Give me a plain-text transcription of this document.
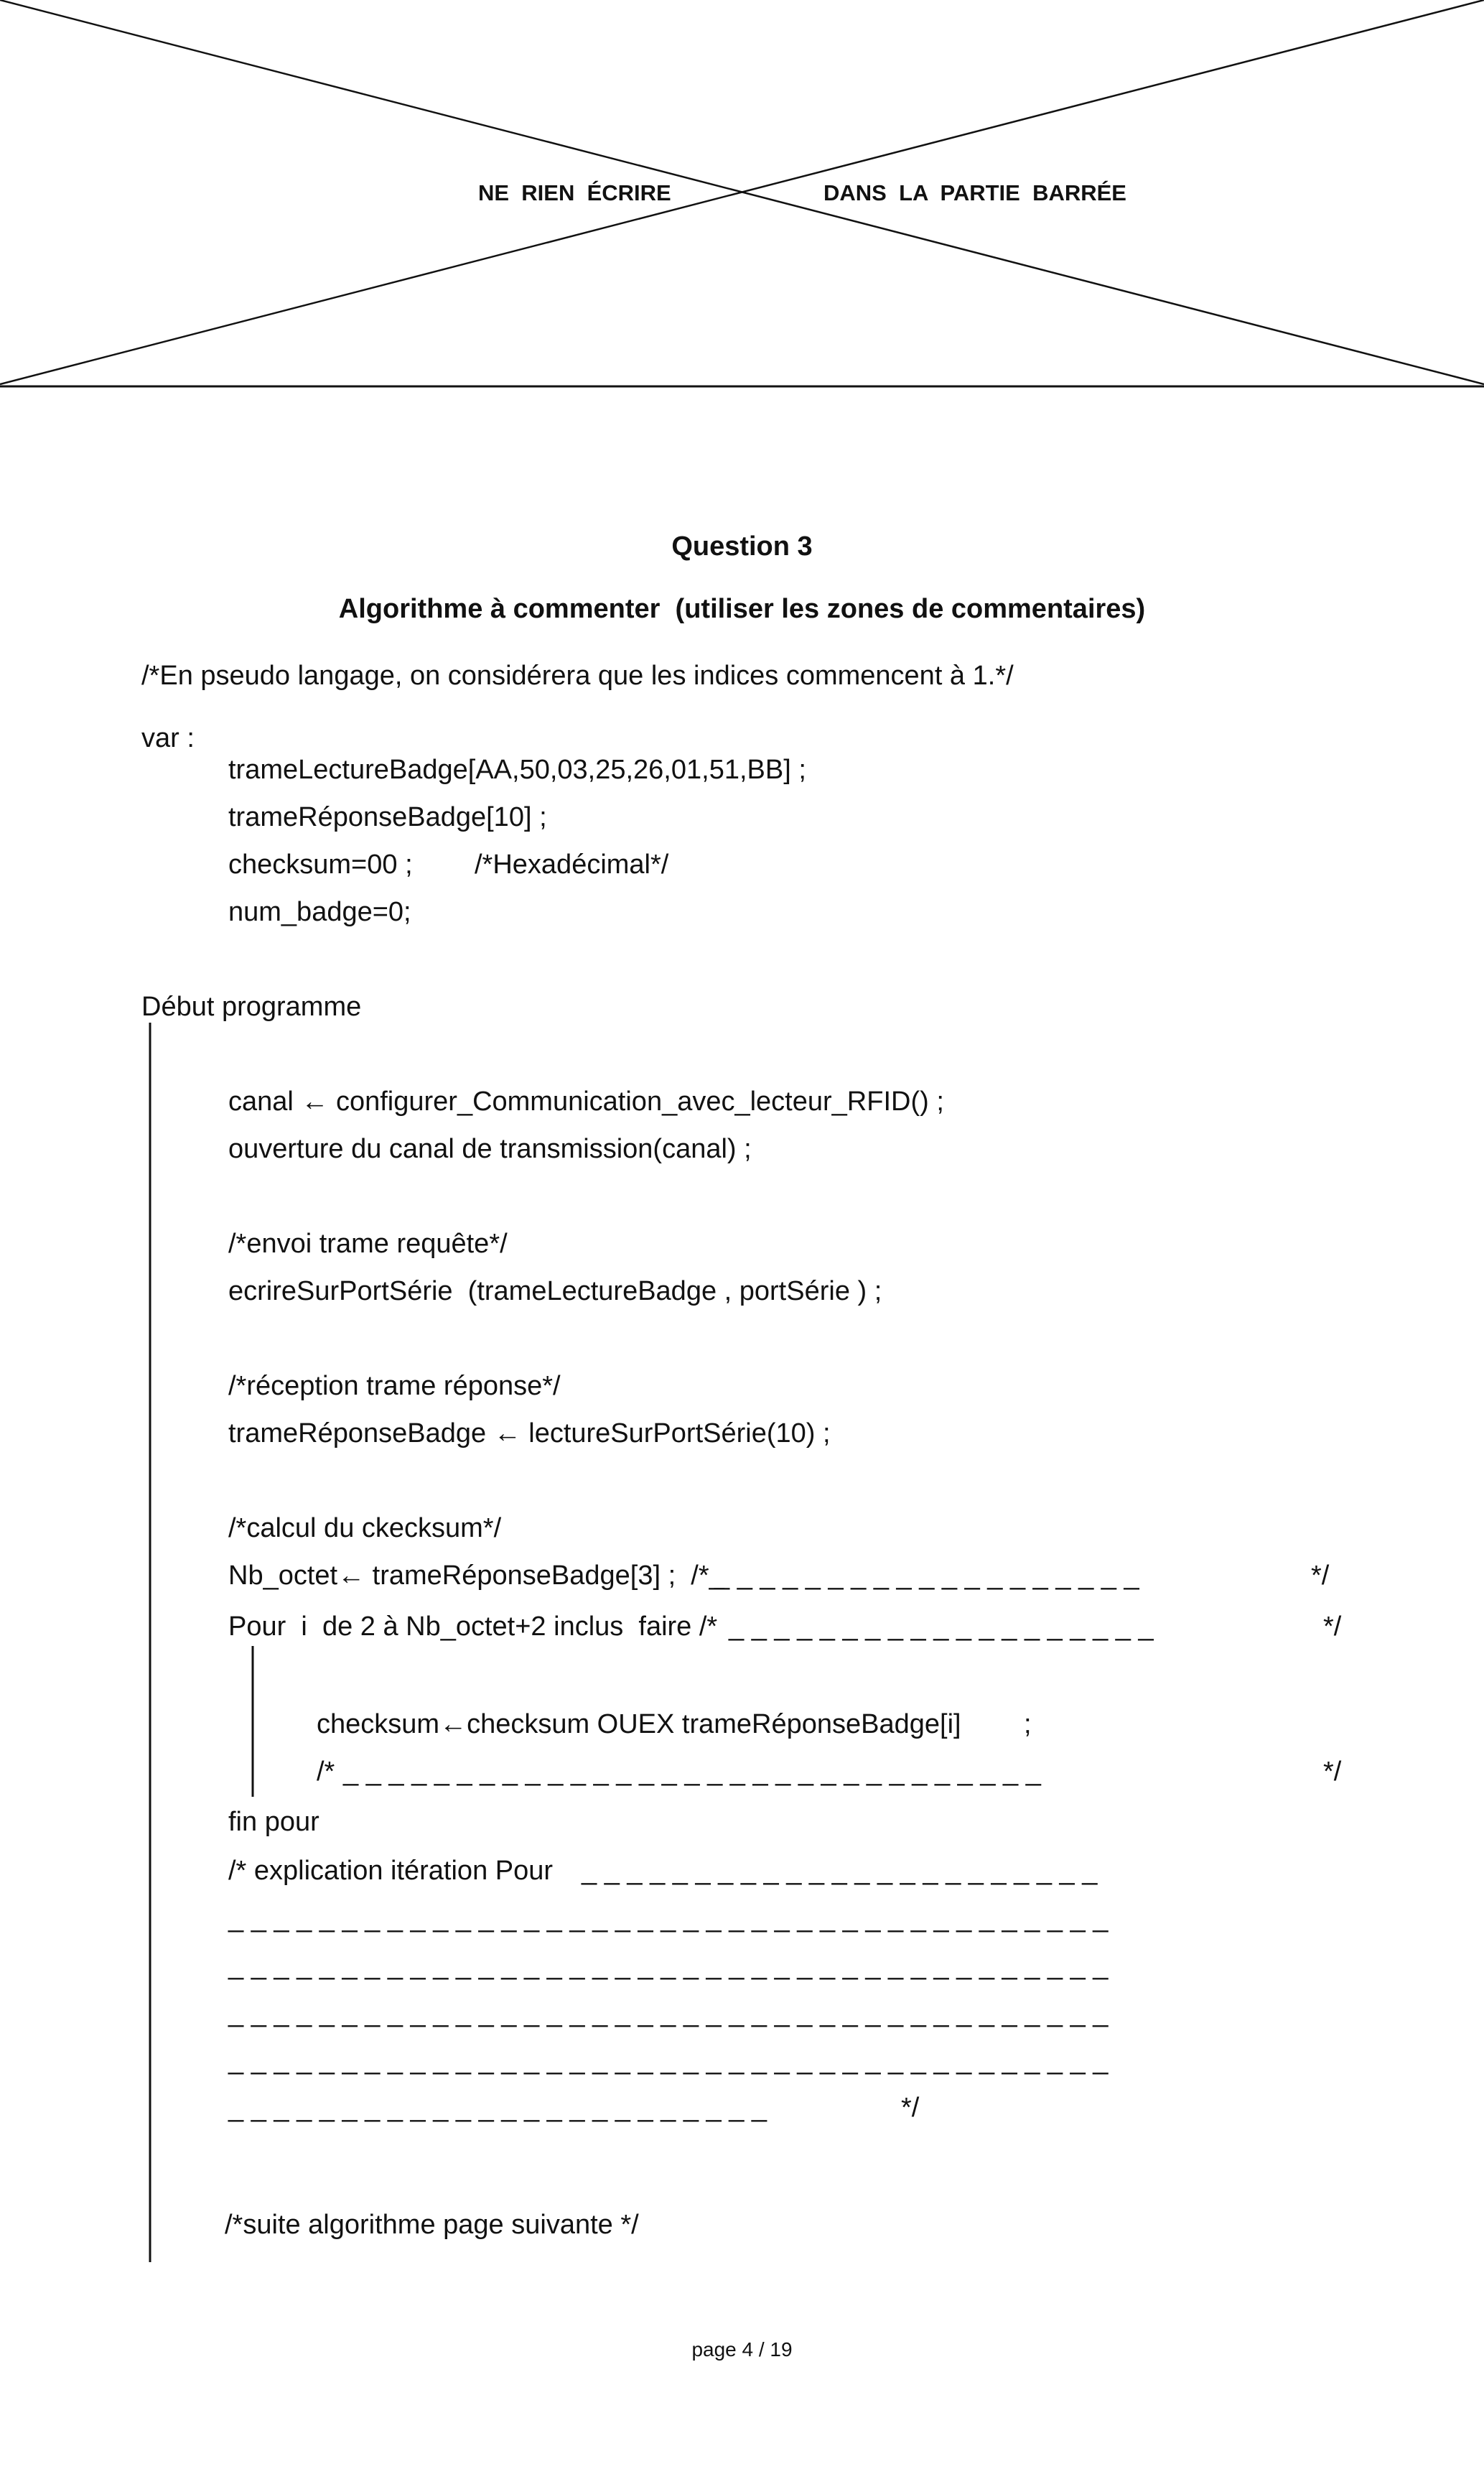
NE  RIEN  ÉCRIRE	DANS  LA  PARTIE  BARRÉE
Question 3
Algorithme à commenter  (utiliser les zones de commentaires)
/*En pseudo langage, on considérera que les indices commencent à 1.*/
var :
trameLectureBadge[AA,50,03,25,26,01,51,BB] ;
trameRéponseBadge[10] ;
checksum=00 ; /*Hexadécimal*/
num_badge=0;
Début programme
canal ← configurer_Communication_avec_lecteur_RFID() ;
ouverture du canal de transmission(canal) ;
/*envoi trame requête*/
ecrireSurPortSérie  (trameLectureBadge , portSérie ) ;
/*réception trame réponse*/
trameRéponseBadge ← lectureSurPortSérie(10) ;
/*calcul du ckecksum*/
Nb_octet← trameRéponseBadge[3] ;  /*_
_ _ _ _ _ _ _ _ _ _ _ _ _ _ _ _ _ _ _	*/
Pour  i  de 2 à Nb_octet+2 inclus  faire /* _ _ _ _ _ _ _ _ _ _ _ _ _ _ _ _ _ _ _	*/
checksum←checksum OUEX trameRéponseBadge[i] ;
/* _ _ _ _ _ _ _ _ _ _ _ _ _ _ _ _ _ _ _ _ _ _ _ _ _ _ _ _ _ _ _	*/
fin pour
/* explication itération Pour _ _ _ _ _ _ _ _ _ _ _ _ _ _ _ _ _ _ _ _ _ _ _
_ _ _ _ _ _ _ _ _ _ _ _ _ _ _ _ _ _ _ _ _ _ _ _ _ _ _ _ _ _ _ _ _ _ _ _ _ _ _
_ _ _ _ _ _ _ _ _ _ _ _ _ _ _ _ _ _ _ _ _ _ _ _ _ _ _ _ _ _ _ _ _ _ _ _ _ _ _
_ _ _ _ _ _ _ _ _ _ _ _ _ _ _ _ _ _ _ _ _ _ _ _ _ _ _ _ _ _ _ _ _ _ _ _ _ _ _
_ _ _ _ _ _ _ _ _ _ _ _ _ _ _ _ _ _ _ _ _ _ _ _ _ _ _ _ _ _ _ _ _ _ _ _ _ _ _
_ _ _ _ _ _ _ _ _ _ _ _ _ _ _ _ _ _ _ _ _ _ _ _	*/
/*suite algorithme page suivante */
page 4 / 19
